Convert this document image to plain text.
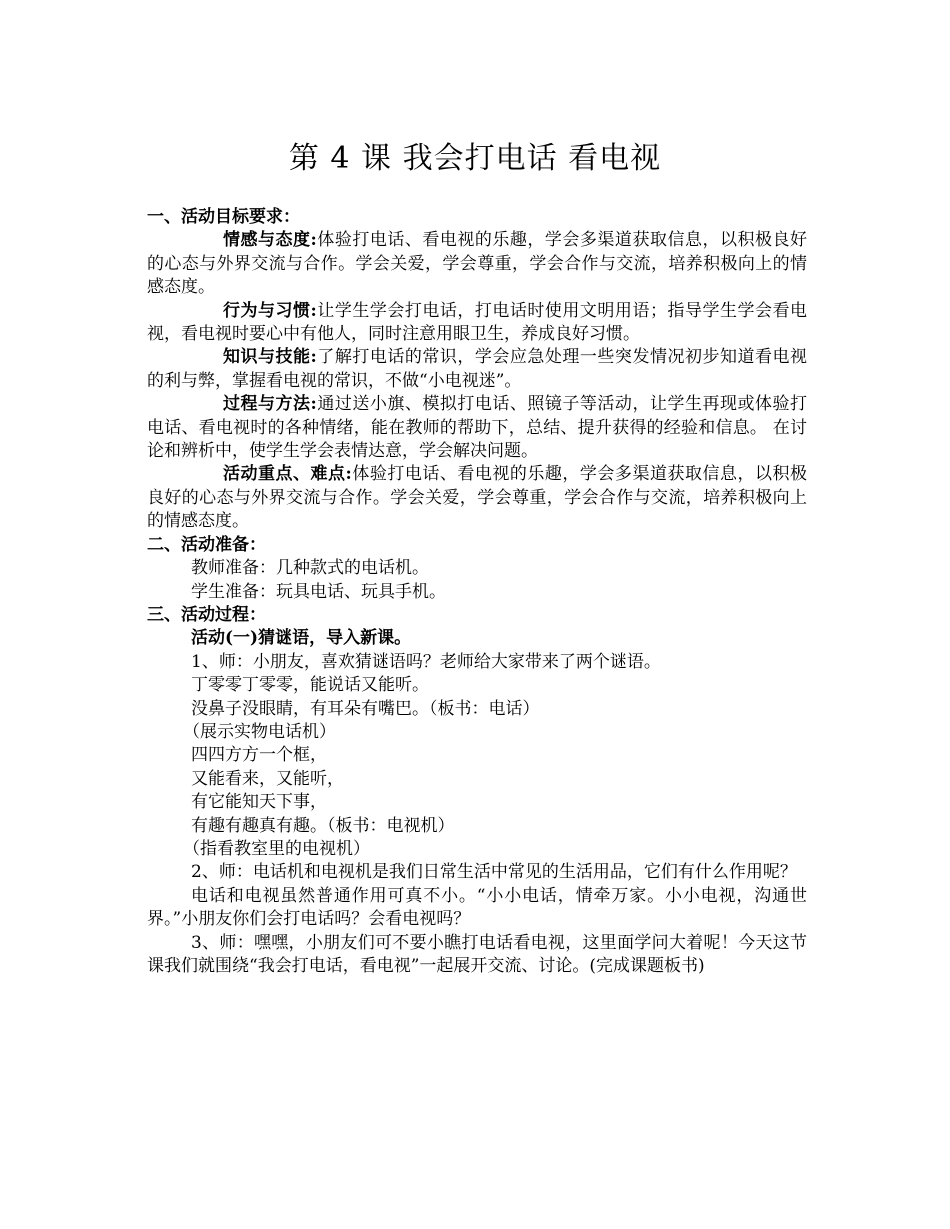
第 4 课 我会打电话 看电视

一、活动目标要求：

情感与态度:体验打电话、看电视的乐趣，学会多渠道获取信息，以积极良好的心态与外界交流与合作。学会关爱，学会尊重，学会合作与交流，培养积极向上的情感态度。

行为与习惯:让学生学会打电话，打电话时使用文明用语；指导学生学会看电视，看电视时要心中有他人，同时注意用眼卫生，养成良好习惯。

知识与技能:了解打电话的常识，学会应急处理一些突发情况初步知道看电视的利与弊，掌握看电视的常识，不做“小电视迷”。

过程与方法:通过送小旗、模拟打电话、照镜子等活动，让学生再现或体验打电话、看电视时的各种情绪，能在教师的帮助下，总结、提升获得的经验和信息。 在讨论和辨析中，使学生学会表情达意，学会解决问题。

活动重点、难点:体验打电话、看电视的乐趣，学会多渠道获取信息，以积极良好的心态与外界交流与合作。学会关爱，学会尊重，学会合作与交流，培养积极向上的情感态度。

二、活动准备：

教师准备：几种款式的电话机。

学生准备：玩具电话、玩具手机。

三、活动过程：

活动(一)猜谜语，导入新课。

1、师：小朋友，喜欢猜谜语吗？老师给大家带来了两个谜语。

丁零零丁零零，能说话又能听。

没鼻子没眼睛，有耳朵有嘴巴。（板书：电话）

（展示实物电话机）

四四方方一个框，

又能看来，又能听，

有它能知天下事，

有趣有趣真有趣。（板书：电视机）

（指看教室里的电视机）

2、师：电话机和电视机是我们日常生活中常见的生活用品，它们有什么作用呢？

电话和电视虽然普通作用可真不小。“小小电话，情牵万家。小小电视，沟通世界。”小朋友你们会打电话吗？会看电视吗？

3、师：嘿嘿，小朋友们可不要小瞧打电话看电视，这里面学问大着呢！今天这节课我们就围绕“我会打电话，看电视”一起展开交流、讨论。(完成课题板书)
